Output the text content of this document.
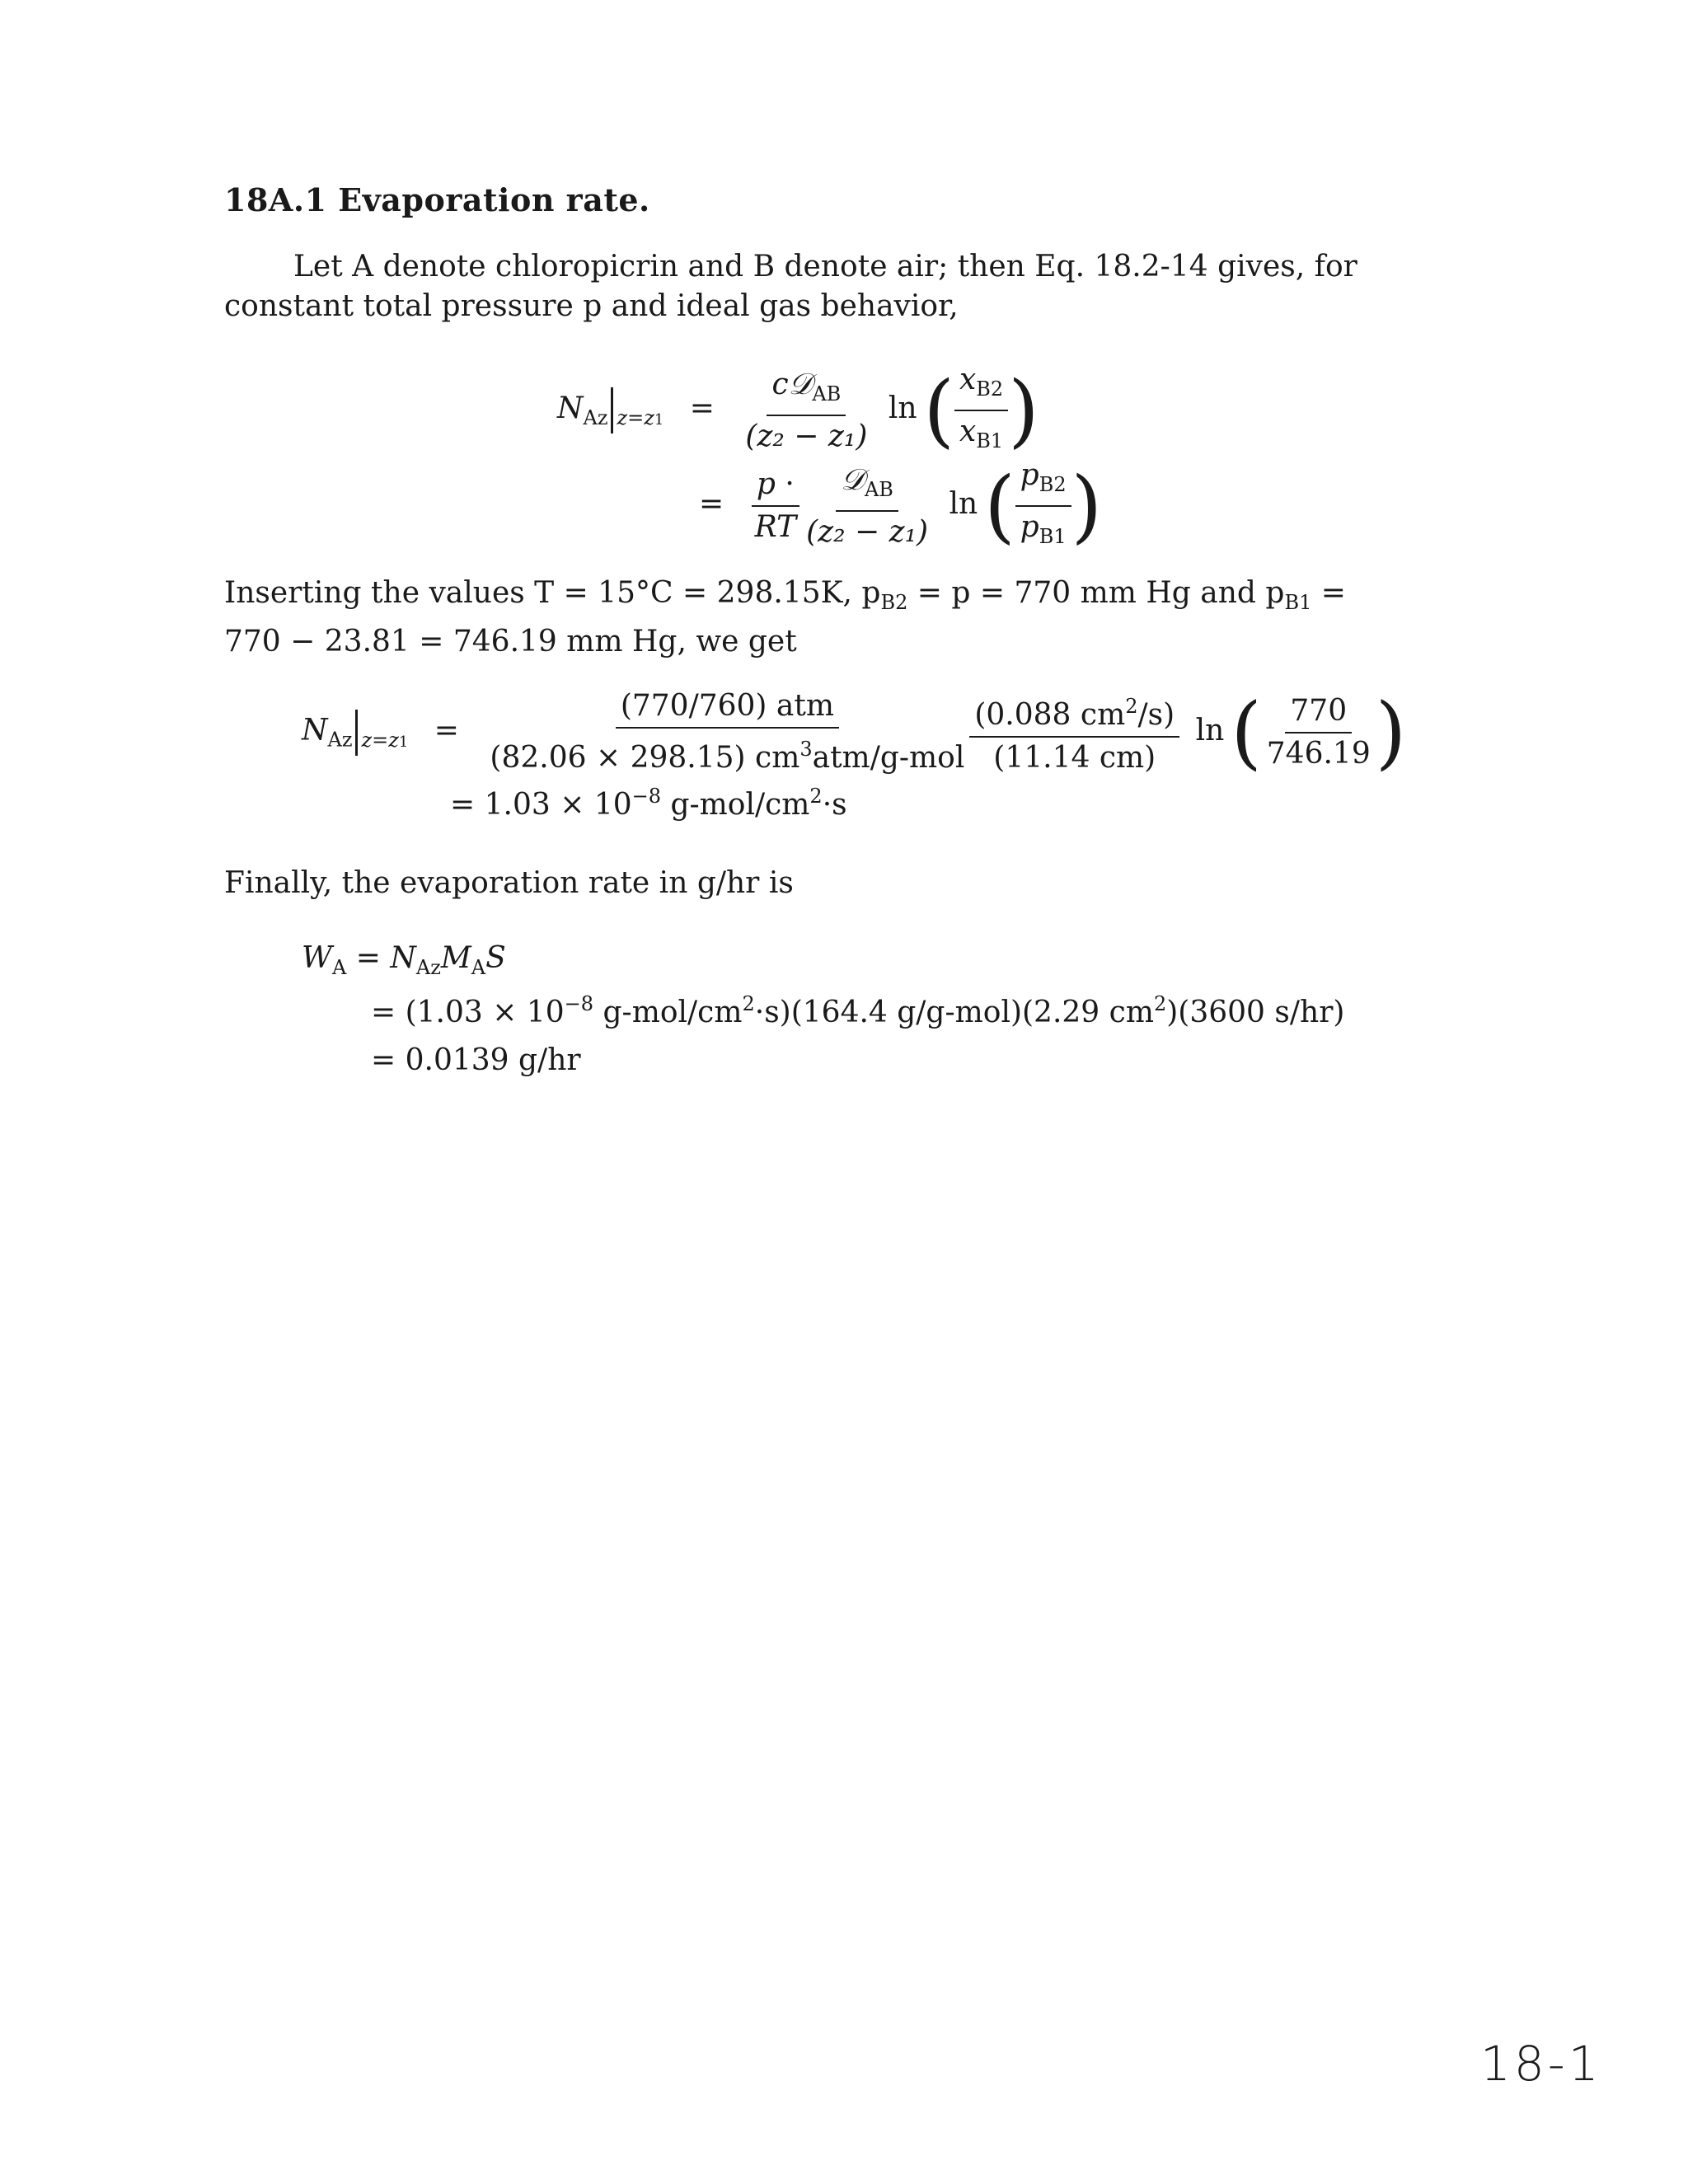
18A.1 Evaporation rate.
Let A denote chloropicrin and B denote air; then Eq. 18.2-14 gives, for constant total pressure p and ideal gas behavior,
$N_{Az}$ $_{z=z1} = \frac{c𝒟_{AB}}{\text{(z₂ − z₁)}} \ln( \frac{x_{B2}}{x_{B1}}$ )
= $\frac{p \cdot}{RT} \frac{𝒟_{AB}}{\text{(z₂ − z₁)}} \ln( \frac{p_{B2}}{p_{B1}}$ )
Inserting the values T = 15°C = 298.15K, $p_{B2} = p = 770$ mm Hg and $p_{B1}$ =
770 − 23.81 = 746.19 mm Hg, we get
$N_{Az}$ $_{z=z1} = \frac{\text{(770/760) atm}}{(82.06 \times 298.15) cm^3atm/g-mol} \frac{(0.088 cm^2/s)}{(11.14 cm)} \ln( \frac{770}{746.19}$ )
= $1.03 \times 10^{-8}$ $g-mol/cm^2\cdot s$
Finally, the evaporation rate in g/hr is
$W_A = N_{Az}M_AS$
= ($1.03 \times 10^{-8}$ $g-mol/cm^2\cdot s)(164.4$ g/g-mol)(2.29 $cm^2)(3600$ s/hr)
= 0.0139 g/hr
18-1
